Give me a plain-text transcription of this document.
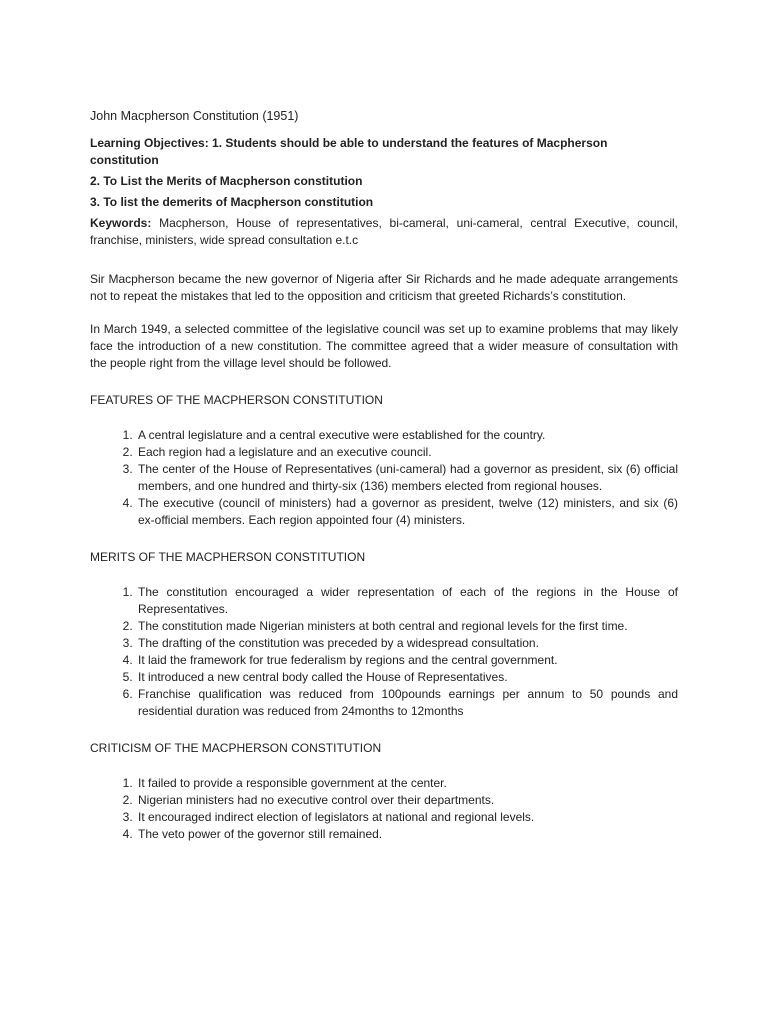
John Macpherson Constitution (1951)

Learning Objectives: 1. Students should be able to understand the features of Macpherson constitution

2. To List the Merits of Macpherson constitution

3. To list the demerits of Macpherson constitution

Keywords: Macpherson, House of representatives, bi-cameral, uni-cameral, central Executive, council, franchise, ministers, wide spread consultation e.t.c

Sir Macpherson became the new governor of Nigeria after Sir Richards and he made adequate arrangements not to repeat the mistakes that led to the opposition and criticism that greeted Richards’s constitution.

In March 1949, a selected committee of the legislative council was set up to examine problems that may likely face the introduction of a new constitution. The committee agreed that a wider measure of consultation with the people right from the village level should be followed.

FEATURES OF THE MACPHERSON CONSTITUTION

1. A central legislature and a central executive were established for the country.
2. Each region had a legislature and an executive council.
3. The center of the House of Representatives (uni-cameral) had a governor as president, six (6) official members, and one hundred and thirty-six (136) members elected from regional houses.
4. The executive (council of ministers) had a governor as president, twelve (12) ministers, and six (6) ex-official members. Each region appointed four (4) ministers.

MERITS OF THE MACPHERSON CONSTITUTION

1. The constitution encouraged a wider representation of each of the regions in the House of Representatives.
2. The constitution made Nigerian ministers at both central and regional levels for the first time.
3. The drafting of the constitution was preceded by a widespread consultation.
4. It laid the framework for true federalism by regions and the central government.
5. It introduced a new central body called the House of Representatives.
6. Franchise qualification was reduced from 100pounds earnings per annum to 50 pounds and residential duration was reduced from 24months to 12months

CRITICISM OF THE MACPHERSON CONSTITUTION

1. It failed to provide a responsible government at the center.
2. Nigerian ministers had no executive control over their departments.
3. It encouraged indirect election of legislators at national and regional levels.
4. The veto power of the governor still remained.
